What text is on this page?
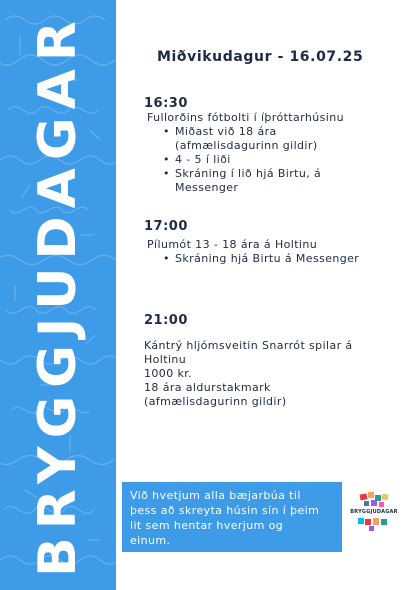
BRYGGJUDAGAR	Miðvikudagur - 16.07.25
16:30
Fullorðins fótbolti í íþróttarhúsinu
• Miðast við 18 ára (afmælisdagurinn gildir)
• 4 - 5 í liði
• Skráning í lið hjá Birtu, á Messenger
17:00
Pílumót 13 - 18 ára á Holtinu
• Skráning hjá Birtu á Messenger
21:00
Kántrý hljómsveitin Snarrót spilar á
Holtinu
1000 kr.
18 ára aldurstakmark
(afmælisdagurinn gildir)
Við hvetjum alla bæjarbúa til
þess að skreyta húsin sín í þeim
lit sem hentar hverjum og
einum.
BRYGGJUDAGAR
